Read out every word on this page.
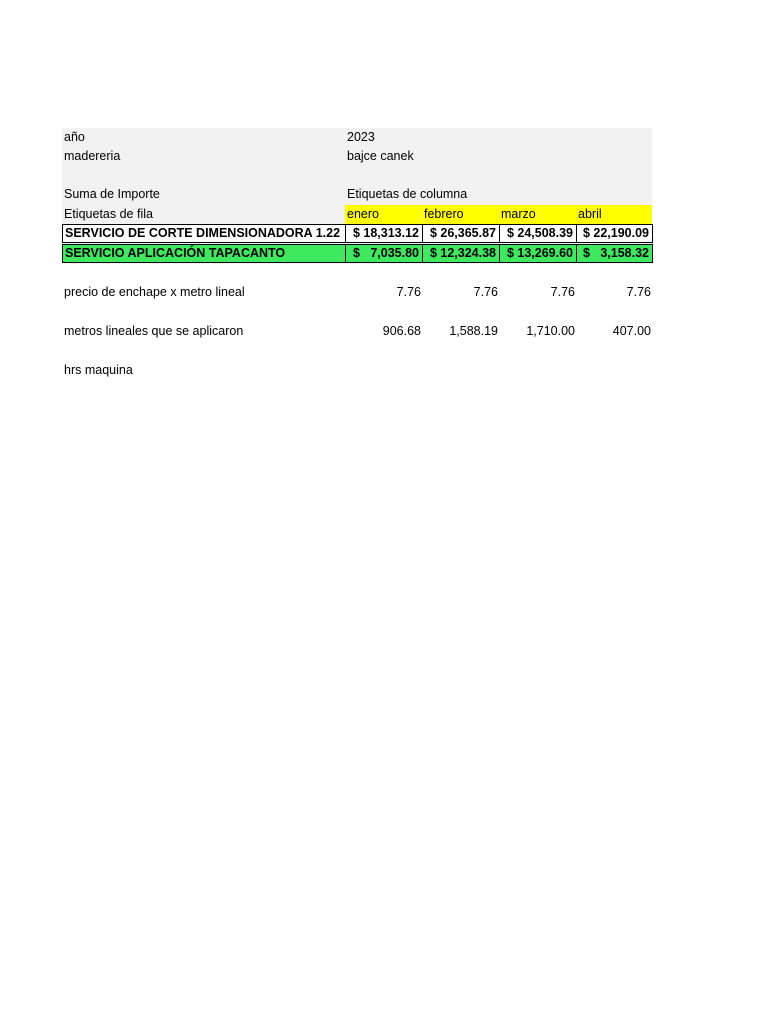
año	2023
madereria	bajce canek
Suma de Importe	Etiquetas de columna
Etiquetas de fila	enero	febrero	marzo	abril
SERVICIO DE CORTE DIMENSIONADORA 1.22	$ 18,313.12 $ 26,365.87 $ 24,508.39 $ 22,190.09
SERVICIO APLICACIÓN TAPACANTO	$   7,035.80 $ 12,324.38 $ 13,269.60 $   3,158.32
precio de enchape x metro lineal	7.76	7.76	7.76	7.76
metros lineales que se aplicaron	906.68	1,588.19	1,710.00	407.00
hrs maquina
